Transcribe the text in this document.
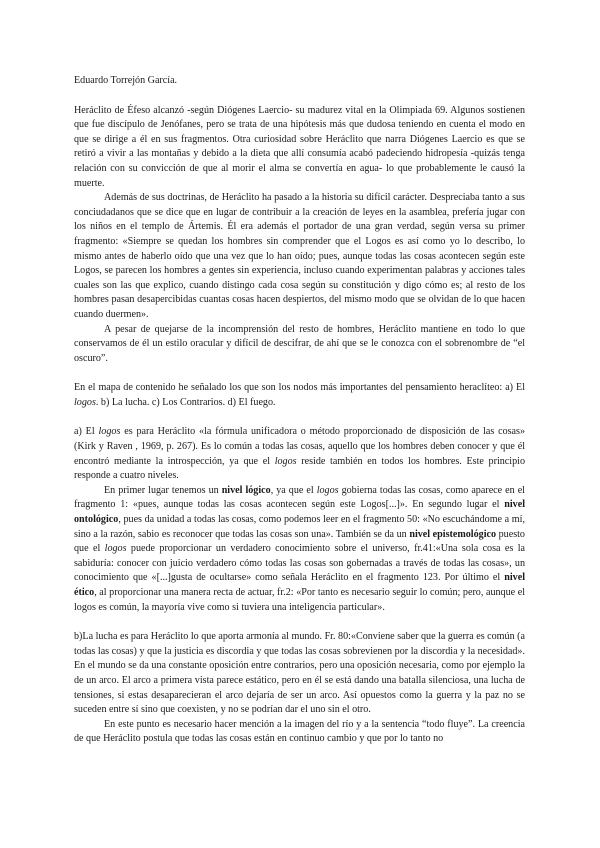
Eduardo Torrejón García.

Heráclito de Éfeso alcanzó -según Diógenes Laercio- su madurez vital en la Olimpiada 69. Algunos sostienen que fue discípulo de Jenófanes, pero se trata de una hipótesis más que dudosa teniendo en cuenta el modo en que se dirige a él en sus fragmentos. Otra curiosidad sobre Heráclito que narra Diógenes Laercio es que se retiró a vivir a las montañas y debido a la dieta que allí consumía acabó padeciendo hidropesía -quizás tenga relación con su convicción de que al morir el alma se convertía en agua- lo que probablemente le causó la muerte.

Además de sus doctrinas, de Heráclito ha pasado a la historia su difícil carácter. Despreciaba tanto a sus conciudadanos que se dice que en lugar de contribuir a la creación de leyes en la asamblea, prefería jugar con los niños en el templo de Ártemis. Él era además el portador de una gran verdad, según versa su primer fragmento: «Siempre se quedan los hombres sin comprender que el Logos es así como yo lo describo, lo mismo antes de haberlo oído que una vez que lo han oído; pues, aunque todas las cosas acontecen según este Logos, se parecen los hombres a gentes sin experiencia, incluso cuando experimentan palabras y acciones tales cuales son las que explico, cuando distingo cada cosa según su constitución y digo cómo es; al resto de los hombres pasan desapercibidas cuantas cosas hacen despiertos, del mismo modo que se olvidan de lo que hacen cuando duermen».

A pesar de quejarse de la incomprensión del resto de hombres, Heráclito mantiene en todo lo que conservamos de él un estilo oracular y difícil de descifrar, de ahí que se le conozca con el sobrenombre de “el oscuro”.

En el mapa de contenido he señalado los que son los nodos más importantes del pensamiento heraclíteo: a) El logos. b) La lucha. c) Los Contrarios. d) El fuego.

a) El logos es para Heráclito «la fórmula unificadora o método proporcionado de disposición de las cosas» (Kirk y Raven , 1969, p. 267). Es lo común a todas las cosas, aquello que los hombres deben conocer y que él encontró mediante la introspección, ya que el logos reside también en todos los hombres. Este principio responde a cuatro niveles.

En primer lugar tenemos un nivel lógico, ya que el logos gobierna todas las cosas, como aparece en el fragmento 1: «pues, aunque todas las cosas acontecen según este Logos[...]». En segundo lugar el nivel ontológico, pues da unidad a todas las cosas, como podemos leer en el fragmento 50: «No escuchándome a mí, sino a la razón, sabio es reconocer que todas las cosas son una». También se da un nivel epistemológico puesto que el logos puede proporcionar un verdadero conocimiento sobre el universo, fr.41:«Una sola cosa es la sabiduría: conocer con juicio verdadero cómo todas las cosas son gobernadas a través de todas las cosas», un conocimiento que «[...]gusta de ocultarse» como señala Heráclito en el fragmento 123. Por último el nivel ético, al proporcionar una manera recta de actuar, fr.2: «Por tanto es necesario seguir lo común; pero, aunque el logos es común, la mayoría vive como si tuviera una inteligencia particular».

b)La lucha es para Heráclito lo que aporta armonía al mundo. Fr. 80:«Conviene saber que la guerra es común (a todas las cosas) y que la justicia es discordia y que todas las cosas sobrevienen por la discordia y la necesidad». En el mundo se da una constante oposición entre contrarios, pero una oposición necesaria, como por ejemplo la de un arco. El arco a primera vista parece estático, pero en él se está dando una batalla silenciosa, una lucha de tensiones, si estas desaparecieran el arco dejaría de ser un arco. Así opuestos como la guerra y la paz no se suceden entre sí sino que coexisten, y no se podrían dar el uno sin el otro.

En este punto es necesario hacer mención a la imagen del río y a la sentencia “todo fluye”. La creencia de que Heráclito postula que todas las cosas están en continuo cambio y que por lo tanto no
